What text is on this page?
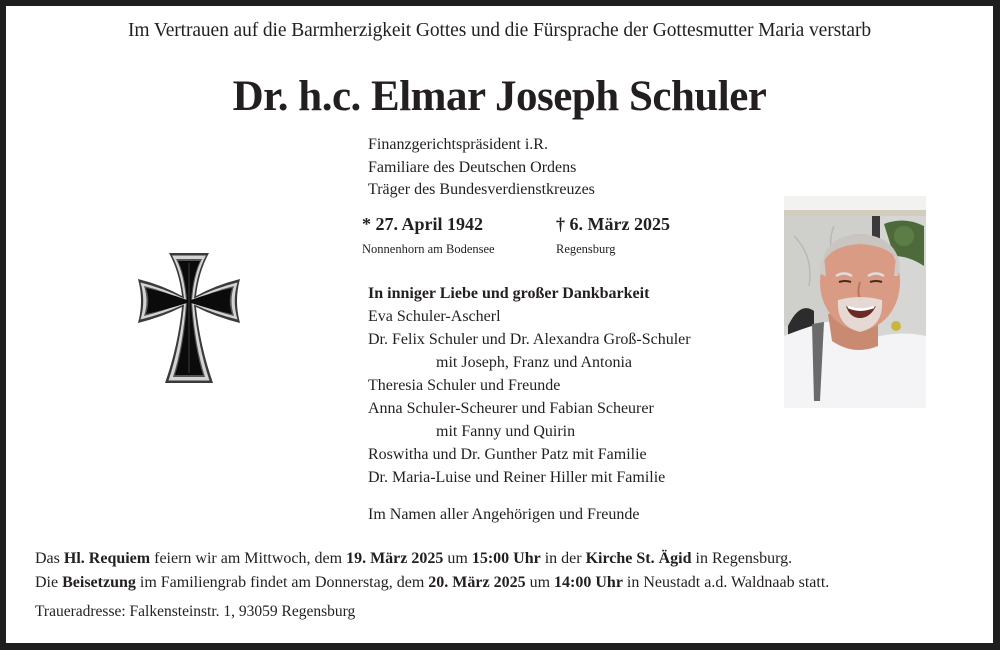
Im Vertrauen auf die Barmherzigkeit Gottes und die Fürsprache der Gottesmutter Maria verstarb
Dr. h.c. Elmar Joseph Schuler
Finanzgerichtspräsident i.R.
Familiare des Deutschen Ordens
Träger des Bundesverdienstkreuzes
* 27. April 1942
Nonnenhorn am Bodensee
† 6. März 2025
Regensburg
In inniger Liebe und großer Dankbarkeit
Eva Schuler-Ascherl
Dr. Felix Schuler und Dr. Alexandra Groß-Schuler
mit Joseph, Franz und Antonia
Theresia Schuler und Freunde
Anna Schuler-Scheurer und Fabian Scheurer
mit Fanny und Quirin
Roswitha und Dr. Gunther Patz mit Familie
Dr. Maria-Luise und Reiner Hiller mit Familie
Im Namen aller Angehörigen und Freunde
Das Hl. Requiem feiern wir am Mittwoch, dem 19. März 2025 um 15:00 Uhr in der Kirche St. Ägid in Regensburg.
Die Beisetzung im Familiengrab findet am Donnerstag, dem 20. März 2025 um 14:00 Uhr in Neustadt a.d. Waldnaab statt.
Traueradresse: Falkensteinstr. 1, 93059 Regensburg
